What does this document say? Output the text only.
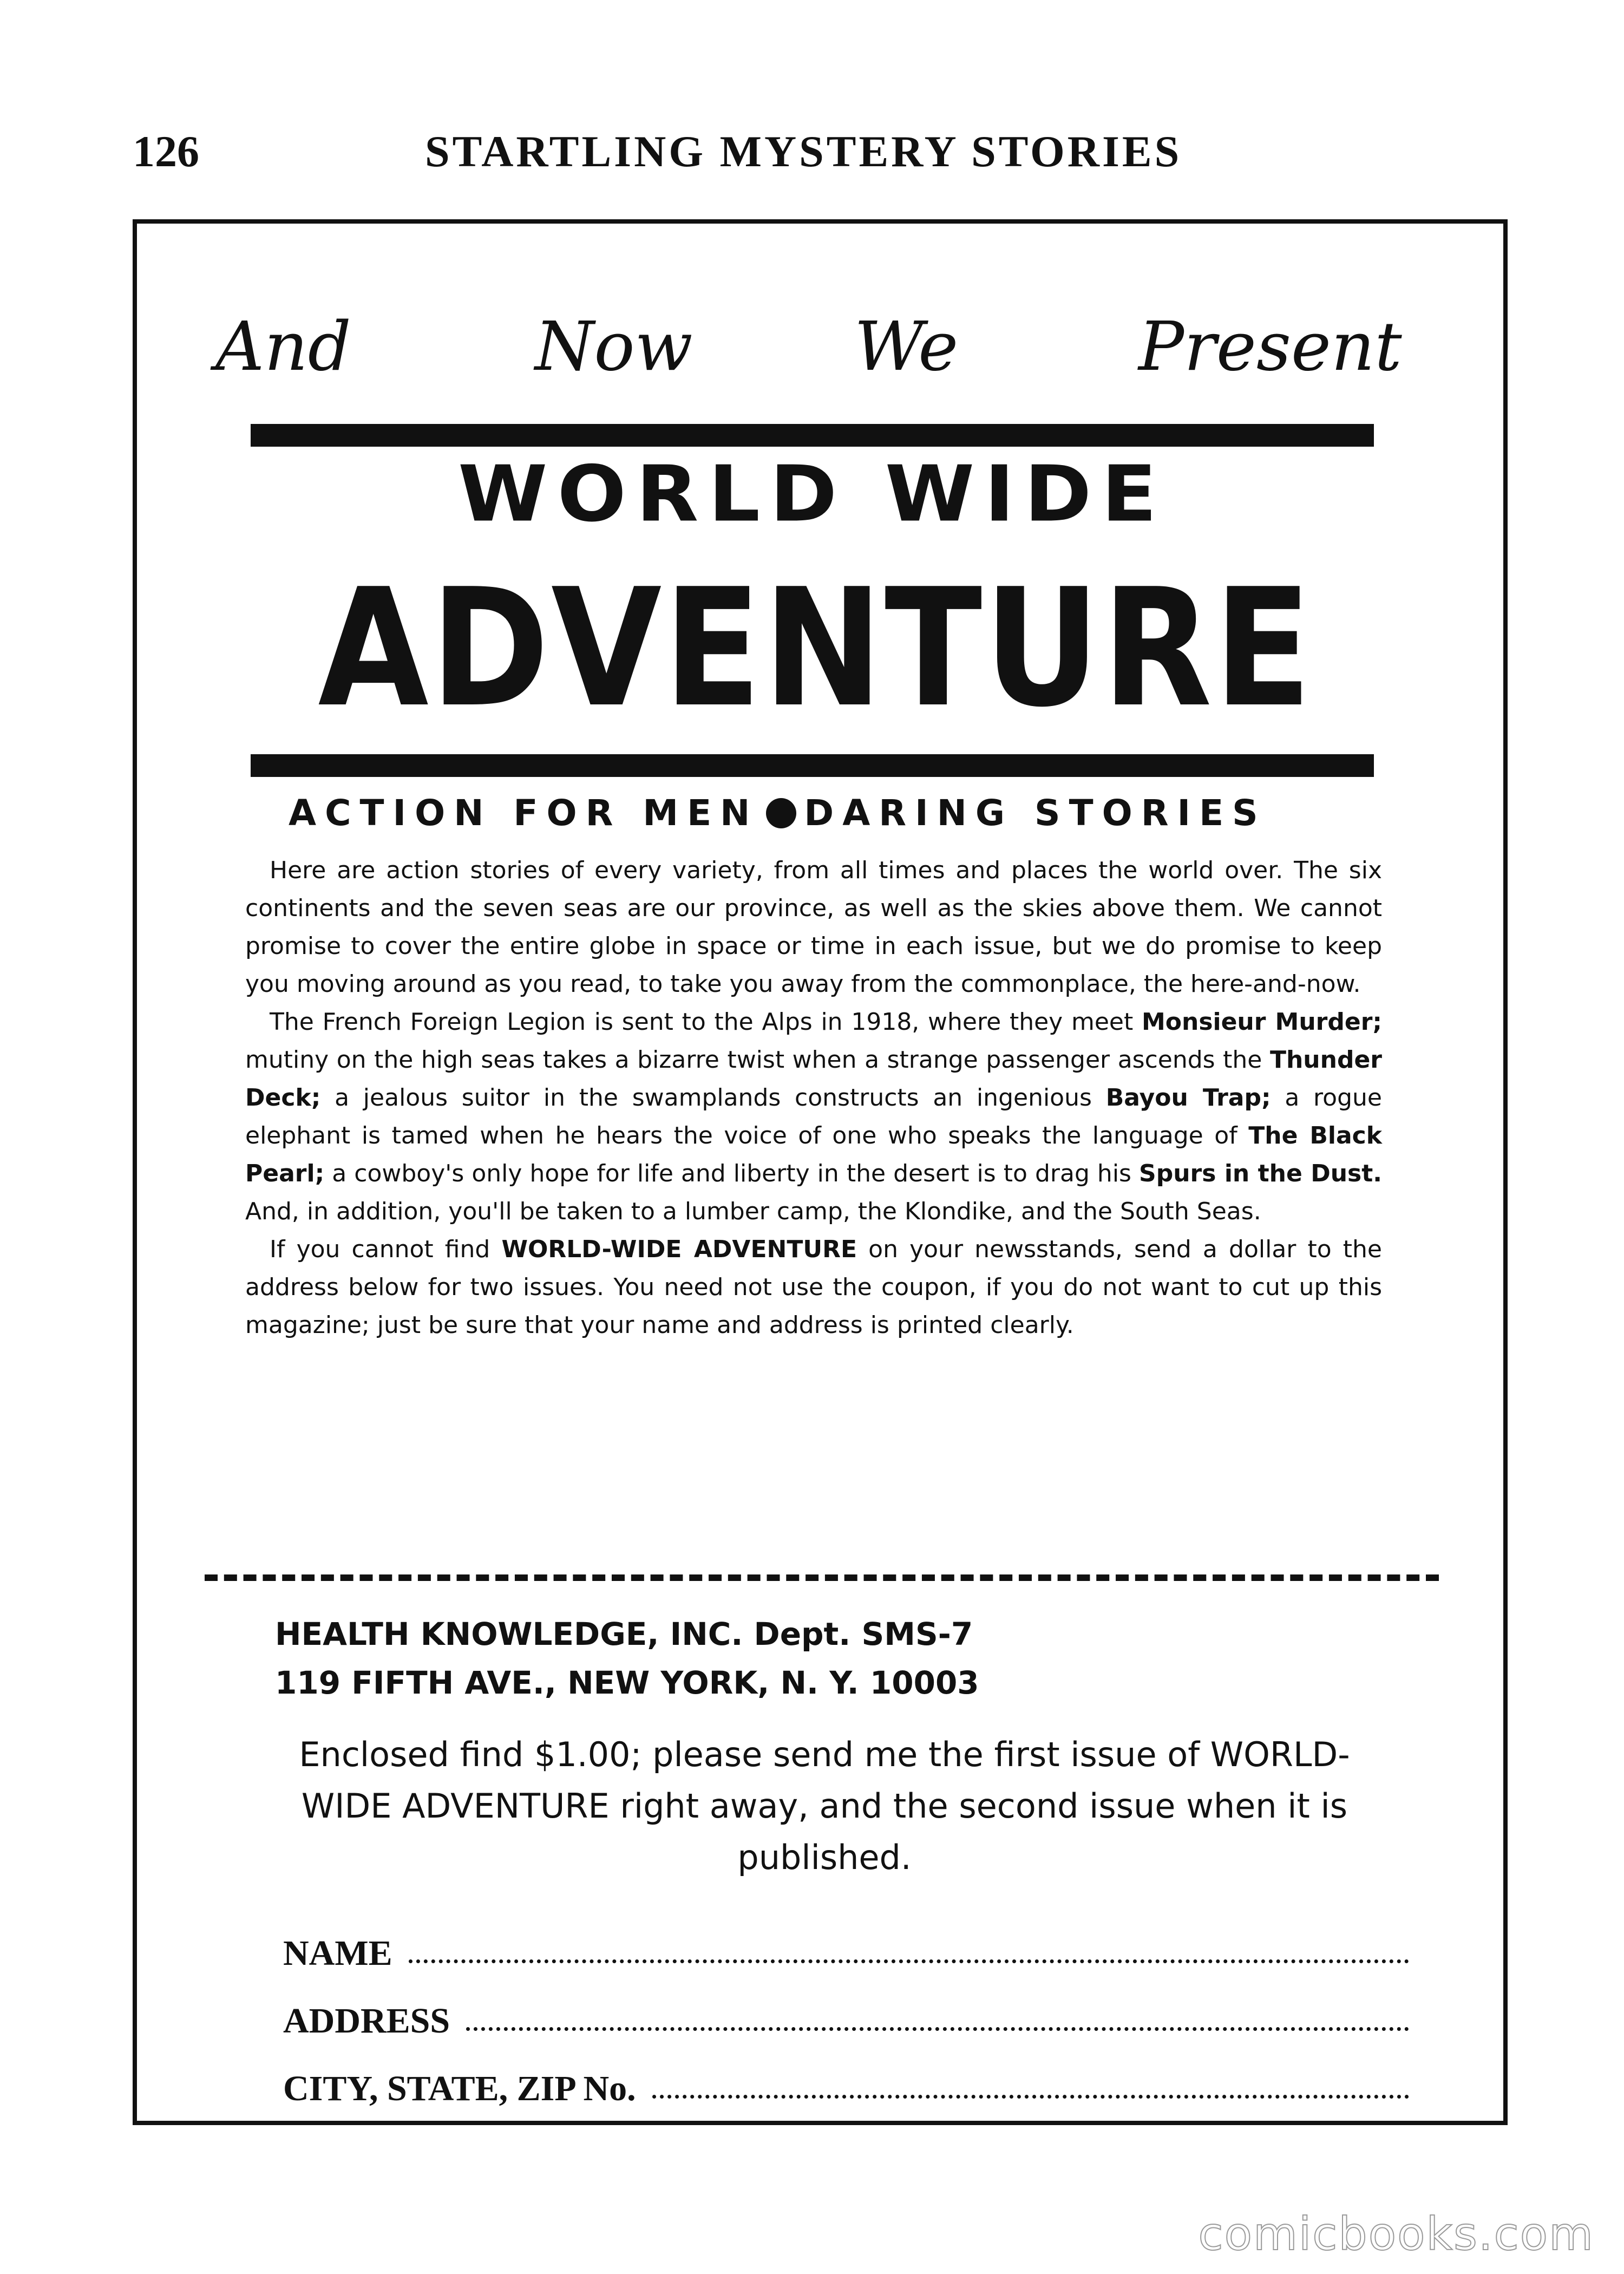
126	STARTLING MYSTERY STORIES
And	Now We	Present
WORLD WIDE
ADVENTURE
ACTION FOR MEN DARING STORIES

Here are action stories of every variety, from all times and places the world over. The six continents and the seven seas are our province, as well as the skies above them. We cannot promise to cover the entire globe in space or time in each issue, but we do promise to keep you moving around as you read, to take you away from the commonplace, the here-and-now.

The French Foreign Legion is sent to the Alps in 1918, where they meet Monsieur Murder; mutiny on the high seas takes a bizarre twist when a strange passenger ascends the Thunder Deck; a jealous suitor in the swamplands constructs an ingenious Bayou Trap; a rogue elephant is tamed when he hears the voice of one who speaks the language of The Black Pearl; a cowboy's only hope for life and liberty in the desert is to drag his Spurs in the Dust. And, in addition, you'll be taken to a lumber camp, the Klondike, and the South Seas.

If you cannot find WORLD-WIDE ADVENTURE on your newsstands, send a dollar to the address below for two issues. You need not use the coupon, if you do not want to cut up this magazine; just be sure that your name and address is printed clearly.

HEALTH KNOWLEDGE, INC. Dept. SMS-7
119 FIFTH AVE., NEW YORK, N. Y. 10003
Enclosed find $1.00; please send me the first issue of WORLD-WIDE ADVENTURE right away, and the second issue when it is published.
NAME
ADDRESS
CITY, STATE, ZIP No.
comicbooks.com
